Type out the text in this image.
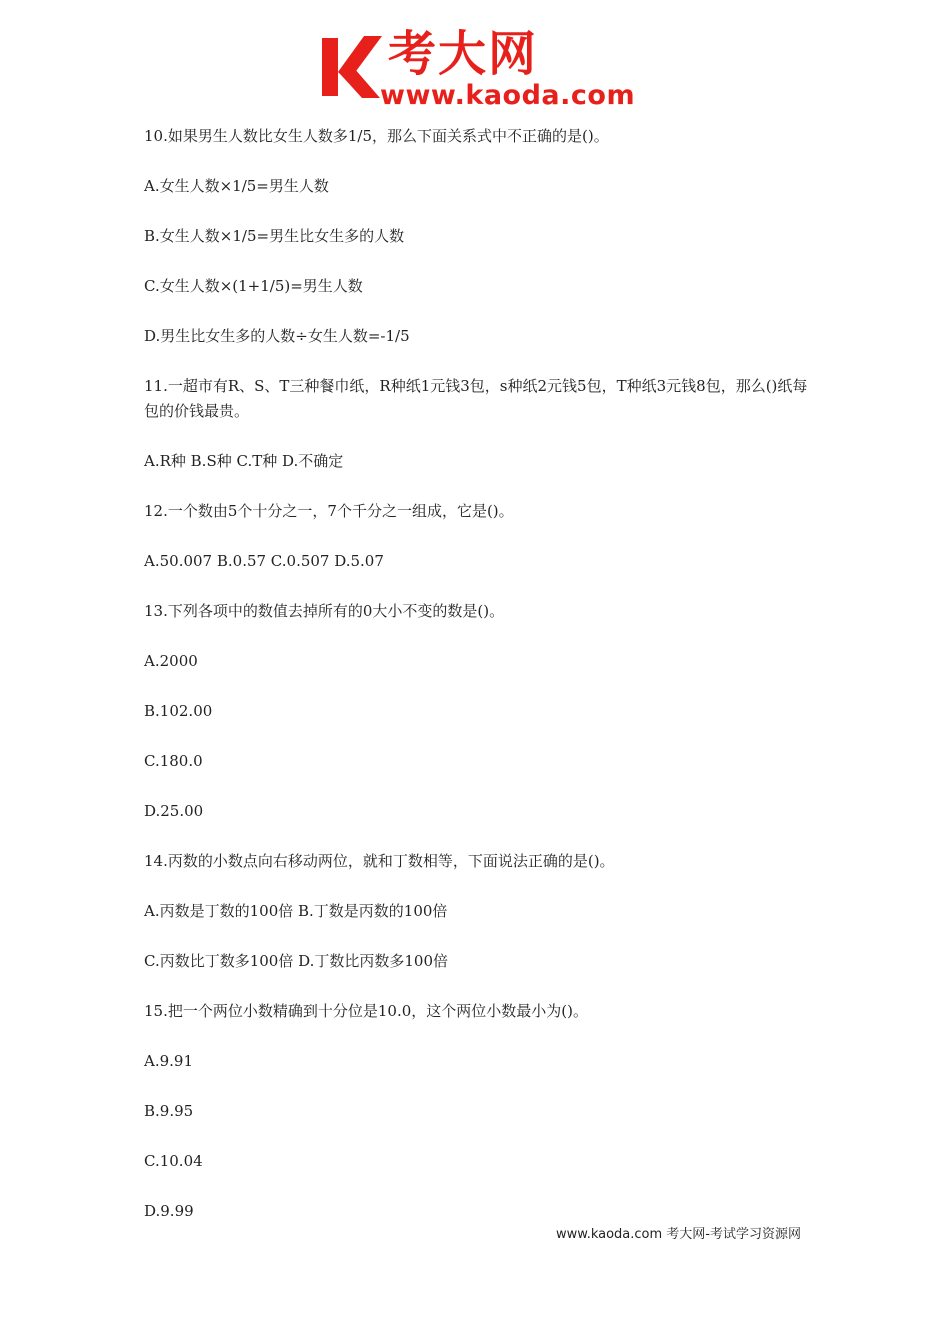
考大网
www.kaoda.com
10.如果男生人数比女生人数多1/5，那么下面关系式中不正确的是()。
A.女生人数×1/5=男生人数
B.女生人数×1/5=男生比女生多的人数
C.女生人数×(1+1/5)=男生人数
D.男生比女生多的人数÷女生人数=-1/5
11.一超市有R、S、T三种餐巾纸，R种纸1元钱3包，s种纸2元钱5包，T种纸3元钱8包，那么()纸每包的价钱最贵。
A.R种 B.S种 C.T种 D.不确定
12.一个数由5个十分之一，7个千分之一组成，它是()。
A.50.007 B.0.57 C.0.507 D.5.07
13.下列各项中的数值去掉所有的0大小不变的数是()。
A.2000
B.102.00
C.180.0
D.25.00
14.丙数的小数点向右移动两位，就和丁数相等，下面说法正确的是()。
A.丙数是丁数的100倍 B.丁数是丙数的100倍
C.丙数比丁数多100倍 D.丁数比丙数多100倍
15.把一个两位小数精确到十分位是10.0，这个两位小数最小为()。
A.9.91
B.9.95
C.10.04
D.9.99
www.kaoda.com 考大网-考试学习资源网
